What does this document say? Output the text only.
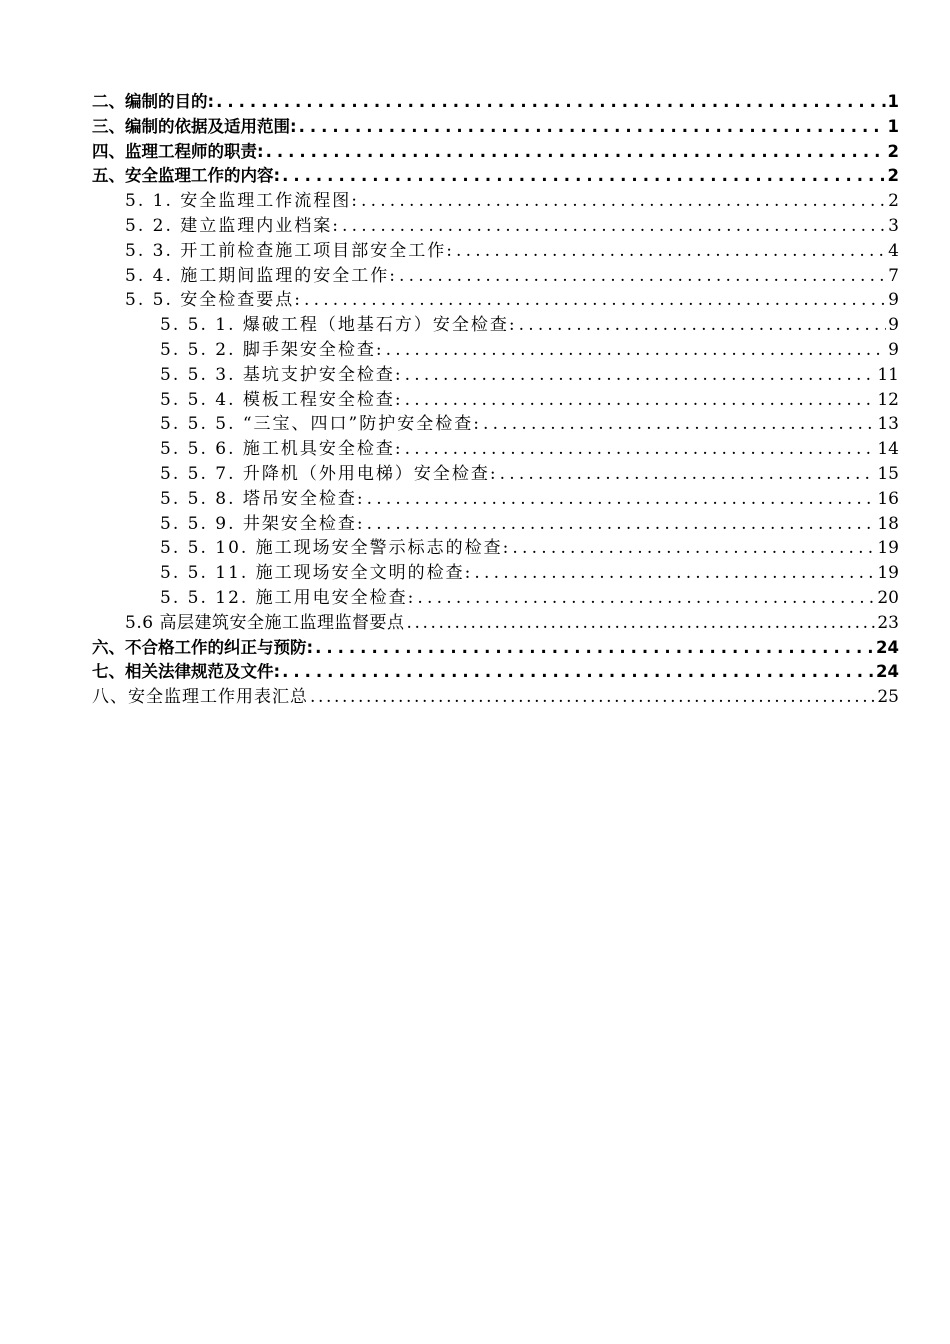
二、编制的目的: .....	1
三、编制的依据及适用范围: .....	1
四、监理工程师的职责: .....	2
五、安全监理工作的内容: .....	2
5. 1. 安全监理工作流程图: .....	2
5. 2. 建立监理内业档案: .....	3
5. 3. 开工前检查施工项目部安全工作: .....	4
5. 4. 施工期间监理的安全工作: .....	7
5. 5. 安全检查要点: .....	9
5. 5. 1. 爆破工程（地基石方）安全检查: .....	9
5. 5. 2. 脚手架安全检查: .....	9
5. 5. 3. 基坑支护安全检查: .....	11
5. 5. 4. 模板工程安全检查: .....	12
5. 5. 5. “三宝、四口”防护安全检查: .....	13
5. 5. 6. 施工机具安全检查: .....	14
5. 5. 7. 升降机（外用电梯）安全检查: .....	15
5. 5. 8. 塔吊安全检查: .....	16
5. 5. 9. 井架安全检查: .....	18
5. 5. 10. 施工现场安全警示标志的检查: .....	19
5. 5. 11. 施工现场安全文明的检查: .....	19
5. 5. 12. 施工用电安全检查: .....	20
5.6 高层建筑安全施工监理监督要点 .....	23
六、不合格工作的纠正与预防: .....	24
七、相关法律规范及文件: .....	24
八、安全监理工作用表汇总 .....	25
